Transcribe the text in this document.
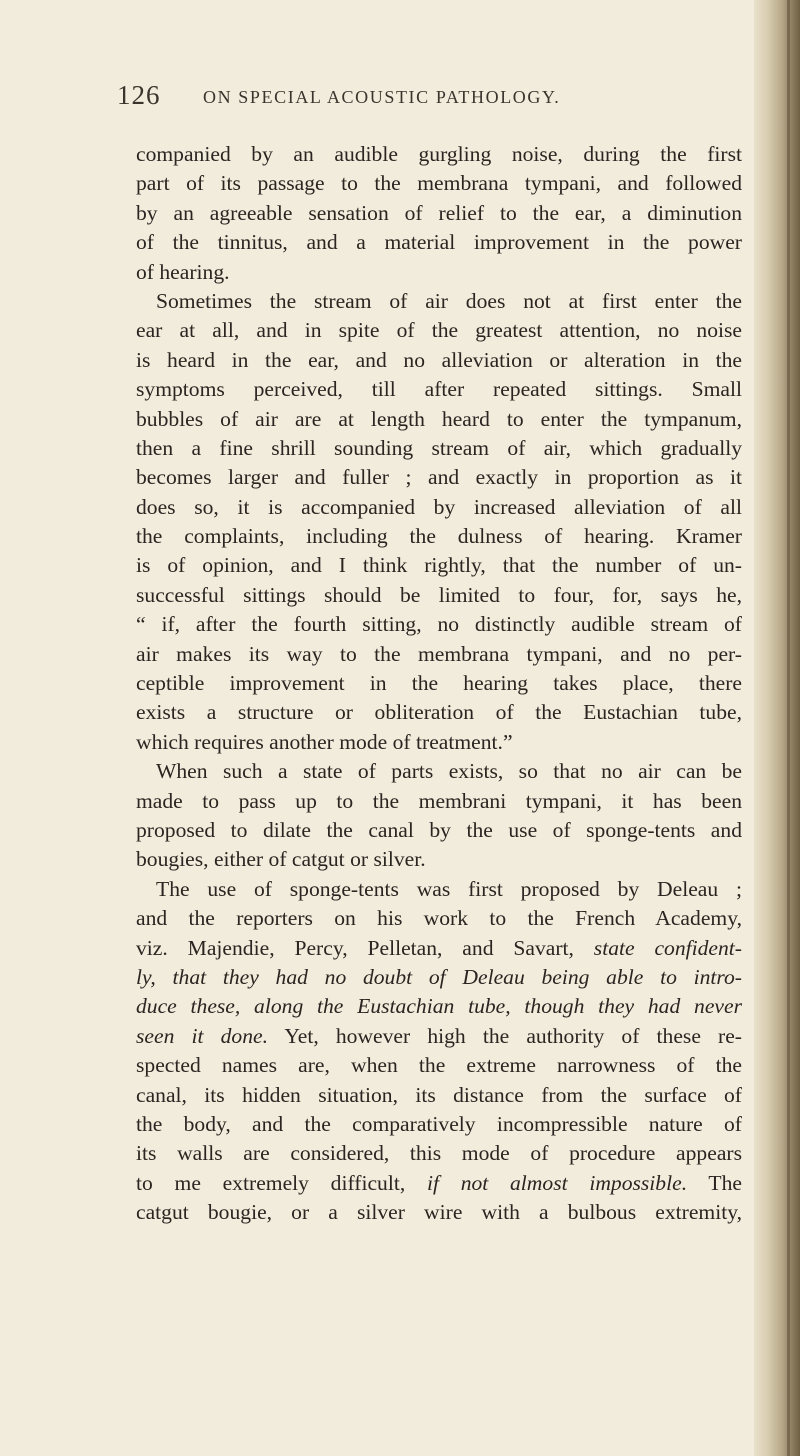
126 ON SPECIAL ACOUSTIC PATHOLOGY.
companied by an audible gurgling noise, during the first
part of its passage to the membrana tympani, and followed
by an agreeable sensation of relief to the ear, a diminution
of the tinnitus, and a material improvement in the power
of hearing.
Sometimes the stream of air does not at first enter the
ear at all, and in spite of the greatest attention, no noise
is heard in the ear, and no alleviation or alteration in the
symptoms perceived, till after repeated sittings. Small
bubbles of air are at length heard to enter the tympanum,
then a fine shrill sounding stream of air, which gradually
becomes larger and fuller ; and exactly in proportion as it
does so, it is accompanied by increased alleviation of all
the complaints, including the dulness of hearing. Kramer
is of opinion, and I think rightly, that the number of un-
successful sittings should be limited to four, for, says he,
“ if, after the fourth sitting, no distinctly audible stream of
air makes its way to the membrana tympani, and no per-
ceptible improvement in the hearing takes place, there
exists a structure or obliteration of the Eustachian tube,
which requires another mode of treatment.”
When such a state of parts exists, so that no air can be
made to pass up to the membrani tympani, it has been
proposed to dilate the canal by the use of sponge-tents and
bougies, either of catgut or silver.
The use of sponge-tents was first proposed by Deleau ;
and the reporters on his work to the French Academy,
viz. Majendie, Percy, Pelletan, and Savart, state confident-
ly, that they had no doubt of Deleau being able to intro-
duce these, along the Eustachian tube, though they had never
seen it done. Yet, however high the authority of these re-
spected names are, when the extreme narrowness of the
canal, its hidden situation, its distance from the surface of
the body, and the comparatively incompressible nature of
its walls are considered, this mode of procedure appears
to me extremely difficult, if not almost impossible. The
catgut bougie, or a silver wire with a bulbous extremity,
